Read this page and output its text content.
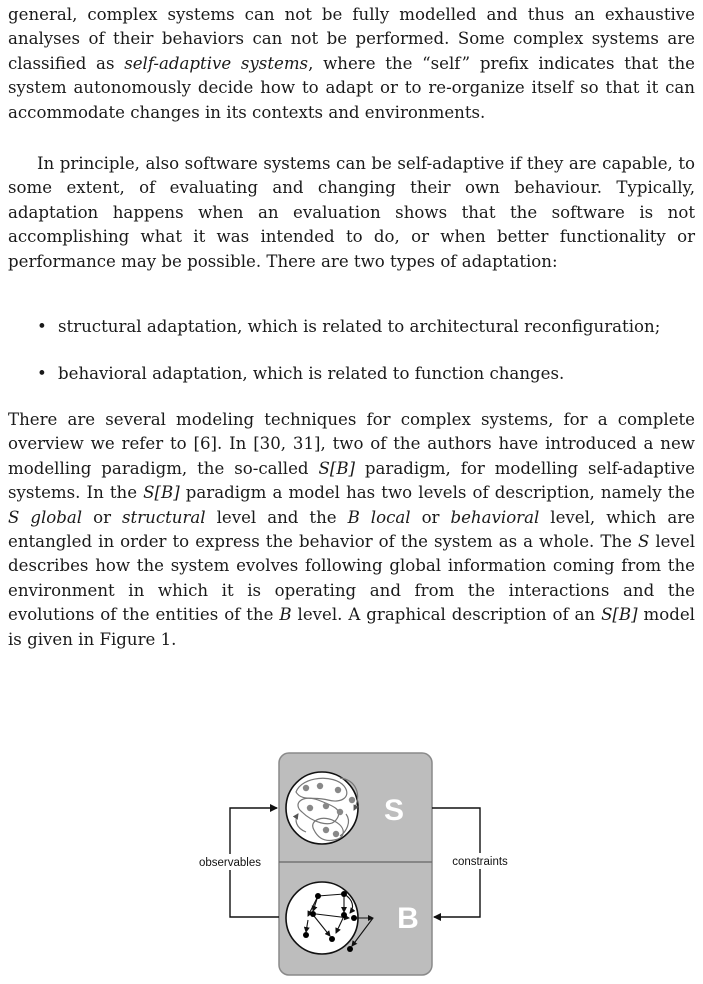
general, complex systems can not be fully modelled and thus an exhaustive analyses of their behaviors can not be performed. Some complex systems are classified as self-adaptive systems, where the “self” prefix indicates that the system autonomously decide how to adapt or to re-organize itself so that it can accommodate changes in its contexts and environments.

In principle, also software systems can be self-adaptive if they are capable, to some extent, of evaluating and changing their own behaviour. Typically, adaptation happens when an evaluation shows that the software is not accomplishing what it was intended to do, or when better functionality or performance may be possible. There are two types of adaptation:

• structural adaptation, which is related to architectural reconfiguration;
• behavioral adaptation, which is related to function changes.

There are several modeling techniques for complex systems, for a complete overview we refer to [6]. In [30, 31], two of the authors have introduced a new modelling paradigm, the so-called S[B] paradigm, for modelling self-adaptive systems. In the S[B] paradigm a model has two levels of description, namely the S global or structural level and the B local or behavioral level, which are entangled in order to express the behavior of the system as a whole. The S level describes how the system evolves following global information coming from the environment in which it is operating and from the interactions and the evolutions of the entities of the B level. A graphical description of an S[B] model is given in Figure 1.

S
B
observables	constraints
